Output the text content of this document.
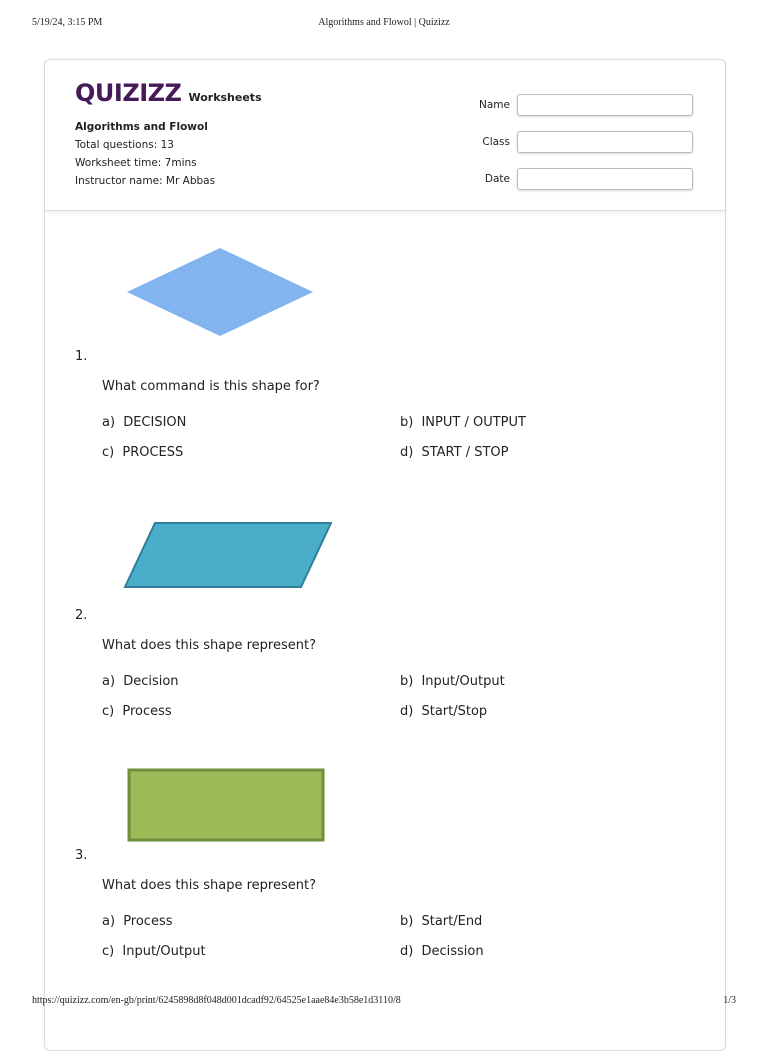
5/19/24, 3:15 PM	Algorithms and Flowol | Quizizz
QUIZIZZ Worksheets
Algorithms and Flowol
Total questions: 13
Worksheet time: 7mins
Instructor name: Mr Abbas
Name
Class
Date
1.
What command is this shape for?
a) DECISION	b) INPUT / OUTPUT
c) PROCESS	d) START / STOP
2.
What does this shape represent?
a) Decision	b) Input/Output
c) Process	d) Start/Stop
3.
What does this shape represent?
a) Process	b) Start/End
c) Input/Output	d) Decission
https://quizizz.com/en-gb/print/6245898d8f048d001dcadf92/64525e1aae84e3b58e1d3110/8	1/3
